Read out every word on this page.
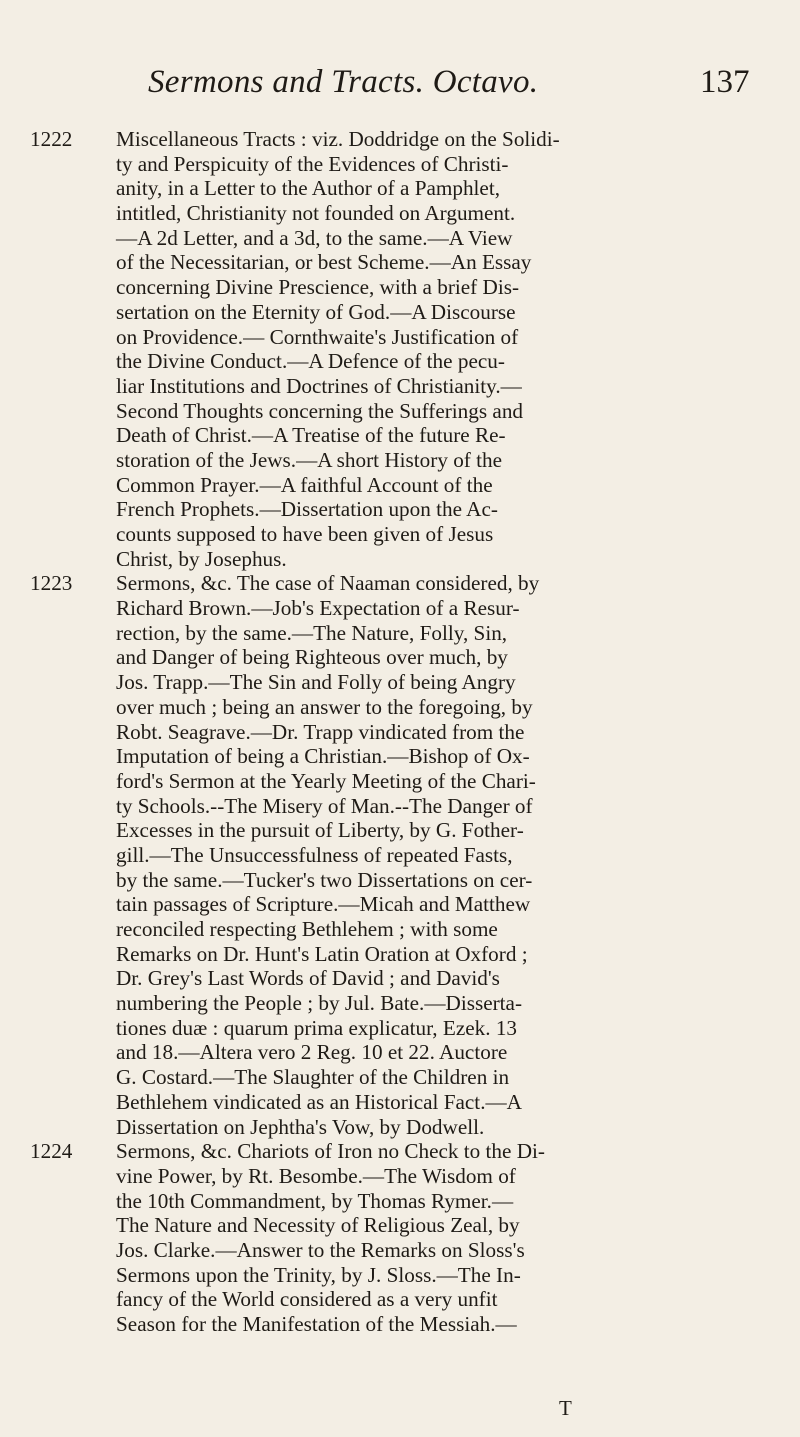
Sermons and Tracts. Octavo.	137
1222 Miscellaneous Tracts : viz. Doddridge on the Solidi-
ty and Perspicuity of the Evidences of Christi-
anity, in a Letter to the Author of a Pamphlet,
intitled, Christianity not founded on Argument.
—A 2d Letter, and a 3d, to the same.—A View
of the Necessitarian, or best Scheme.—An Essay
concerning Divine Prescience, with a brief Dis-
sertation on the Eternity of God.—A Discourse
on Providence.— Cornthwaite's Justification of
the Divine Conduct.—A Defence of the pecu-
liar Institutions and Doctrines of Christianity.—
Second Thoughts concerning the Sufferings and
Death of Christ.—A Treatise of the future Re-
storation of the Jews.—A short History of the
Common Prayer.—A faithful Account of the
French Prophets.—Dissertation upon the Ac-
counts supposed to have been given of Jesus
Christ, by Josephus.
1223 Sermons, &c. The case of Naaman considered, by
Richard Brown.—Job's Expectation of a Resur-
rection, by the same.—The Nature, Folly, Sin,
and Danger of being Righteous over much, by
Jos. Trapp.—The Sin and Folly of being Angry
over much ; being an answer to the foregoing, by
Robt. Seagrave.—Dr. Trapp vindicated from the
Imputation of being a Christian.—Bishop of Ox-
ford's Sermon at the Yearly Meeting of the Chari-
ty Schools.--The Misery of Man.--The Danger of
Excesses in the pursuit of Liberty, by G. Fother-
gill.—The Unsuccessfulness of repeated Fasts,
by the same.—Tucker's two Dissertations on cer-
tain passages of Scripture.—Micah and Matthew
reconciled respecting Bethlehem ; with some
Remarks on Dr. Hunt's Latin Oration at Oxford ;
Dr. Grey's Last Words of David ; and David's
numbering the People ; by Jul. Bate.—Disserta-
tiones duæ : quarum prima explicatur, Ezek. 13
and 18.—Altera vero 2 Reg. 10 et 22. Auctore
G. Costard.—The Slaughter of the Children in
Bethlehem vindicated as an Historical Fact.—A
Dissertation on Jephtha's Vow, by Dodwell.
1224 Sermons, &c. Chariots of Iron no Check to the Di-
vine Power, by Rt. Besombe.—The Wisdom of
the 10th Commandment, by Thomas Rymer.—
The Nature and Necessity of Religious Zeal, by
Jos. Clarke.—Answer to the Remarks on Sloss's
Sermons upon the Trinity, by J. Sloss.—The In-
fancy of the World considered as a very unfit
Season for the Manifestation of the Messiah.—
T
